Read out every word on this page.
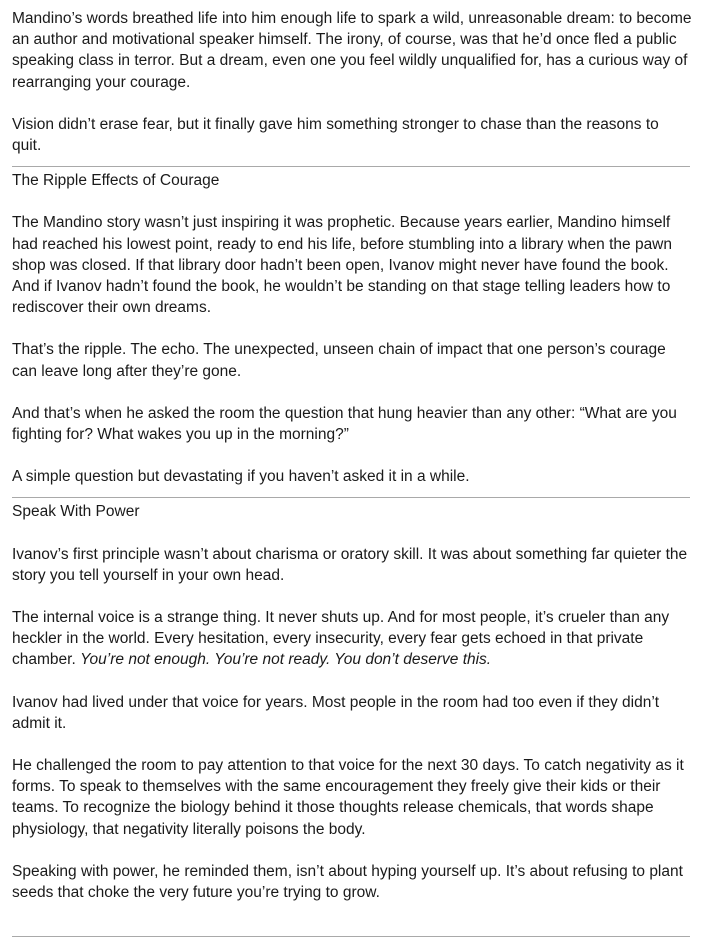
Mandino’s words breathed life into him enough life to spark a wild, unreasonable dream: to become an author and motivational speaker himself. The irony, of course, was that he’d once fled a public speaking class in terror. But a dream, even one you feel wildly unqualified for, has a curious way of rearranging your courage.

Vision didn’t erase fear, but it finally gave him something stronger to chase than the reasons to quit.

The Ripple Effects of Courage

The Mandino story wasn’t just inspiring it was prophetic. Because years earlier, Mandino himself had reached his lowest point, ready to end his life, before stumbling into a library when the pawn shop was closed. If that library door hadn’t been open, Ivanov might never have found the book. And if Ivanov hadn’t found the book, he wouldn’t be standing on that stage telling leaders how to rediscover their own dreams.

That’s the ripple. The echo. The unexpected, unseen chain of impact that one person’s courage can leave long after they’re gone.

And that’s when he asked the room the question that hung heavier than any other: “What are you fighting for? What wakes you up in the morning?”

A simple question but devastating if you haven’t asked it in a while.

Speak With Power

Ivanov’s first principle wasn’t about charisma or oratory skill. It was about something far quieter the story you tell yourself in your own head.

The internal voice is a strange thing. It never shuts up. And for most people, it’s crueler than any heckler in the world. Every hesitation, every insecurity, every fear gets echoed in that private chamber. You’re not enough. You’re not ready. You don’t deserve this.

Ivanov had lived under that voice for years. Most people in the room had too even if they didn’t admit it.

He challenged the room to pay attention to that voice for the next 30 days. To catch negativity as it forms. To speak to themselves with the same encouragement they freely give their kids or their teams. To recognize the biology behind it those thoughts release chemicals, that words shape physiology, that negativity literally poisons the body.

Speaking with power, he reminded them, isn’t about hyping yourself up. It’s about refusing to plant seeds that choke the very future you’re trying to grow.
